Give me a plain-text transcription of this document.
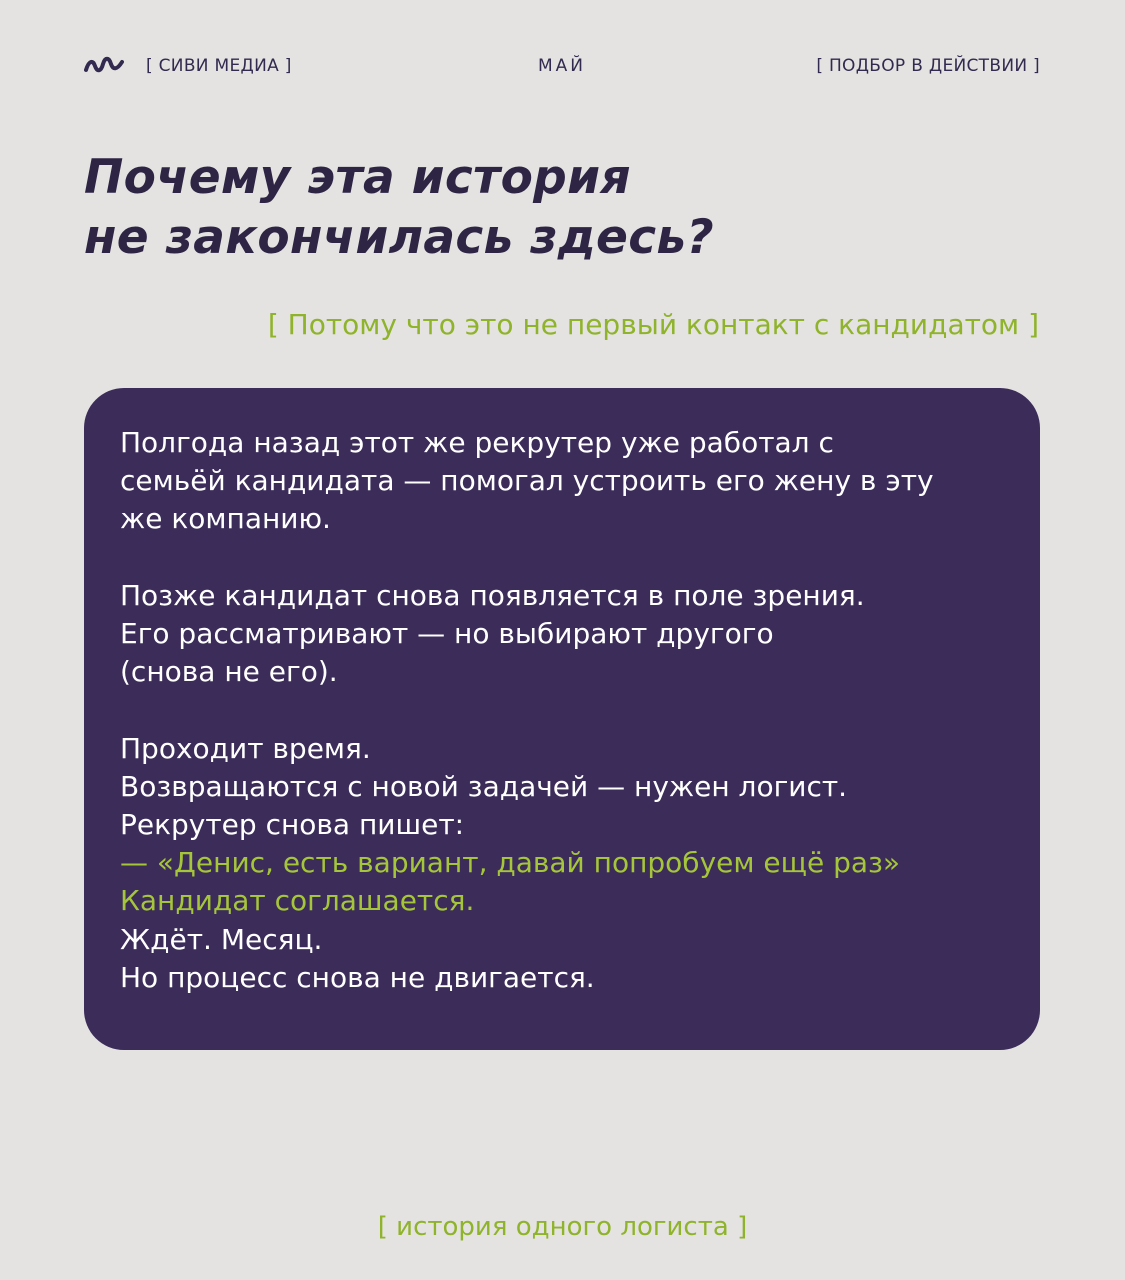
[ СИВИ МЕДИА ]	МАЙ	[ ПОДБОР В ДЕЙСТВИИ ]
Почему эта история
не закончилась здесь?
[ Потому что это не первый контакт с кандидатом ]
Полгода назад этот же рекрутер уже работал с
семьёй кандидата — помогал устроить его жену в эту
же компанию.
Позже кандидат снова появляется в поле зрения.
Его рассматривают — но выбирают другого
(снова не его).
Проходит время.
Возвращаются с новой задачей — нужен логист.
Рекрутер снова пишет:
— «Денис, есть вариант, давай попробуем ещё раз»
Кандидат соглашается.
Ждёт. Месяц.
Но процесс снова не двигается.
[ история одного логиста ]
